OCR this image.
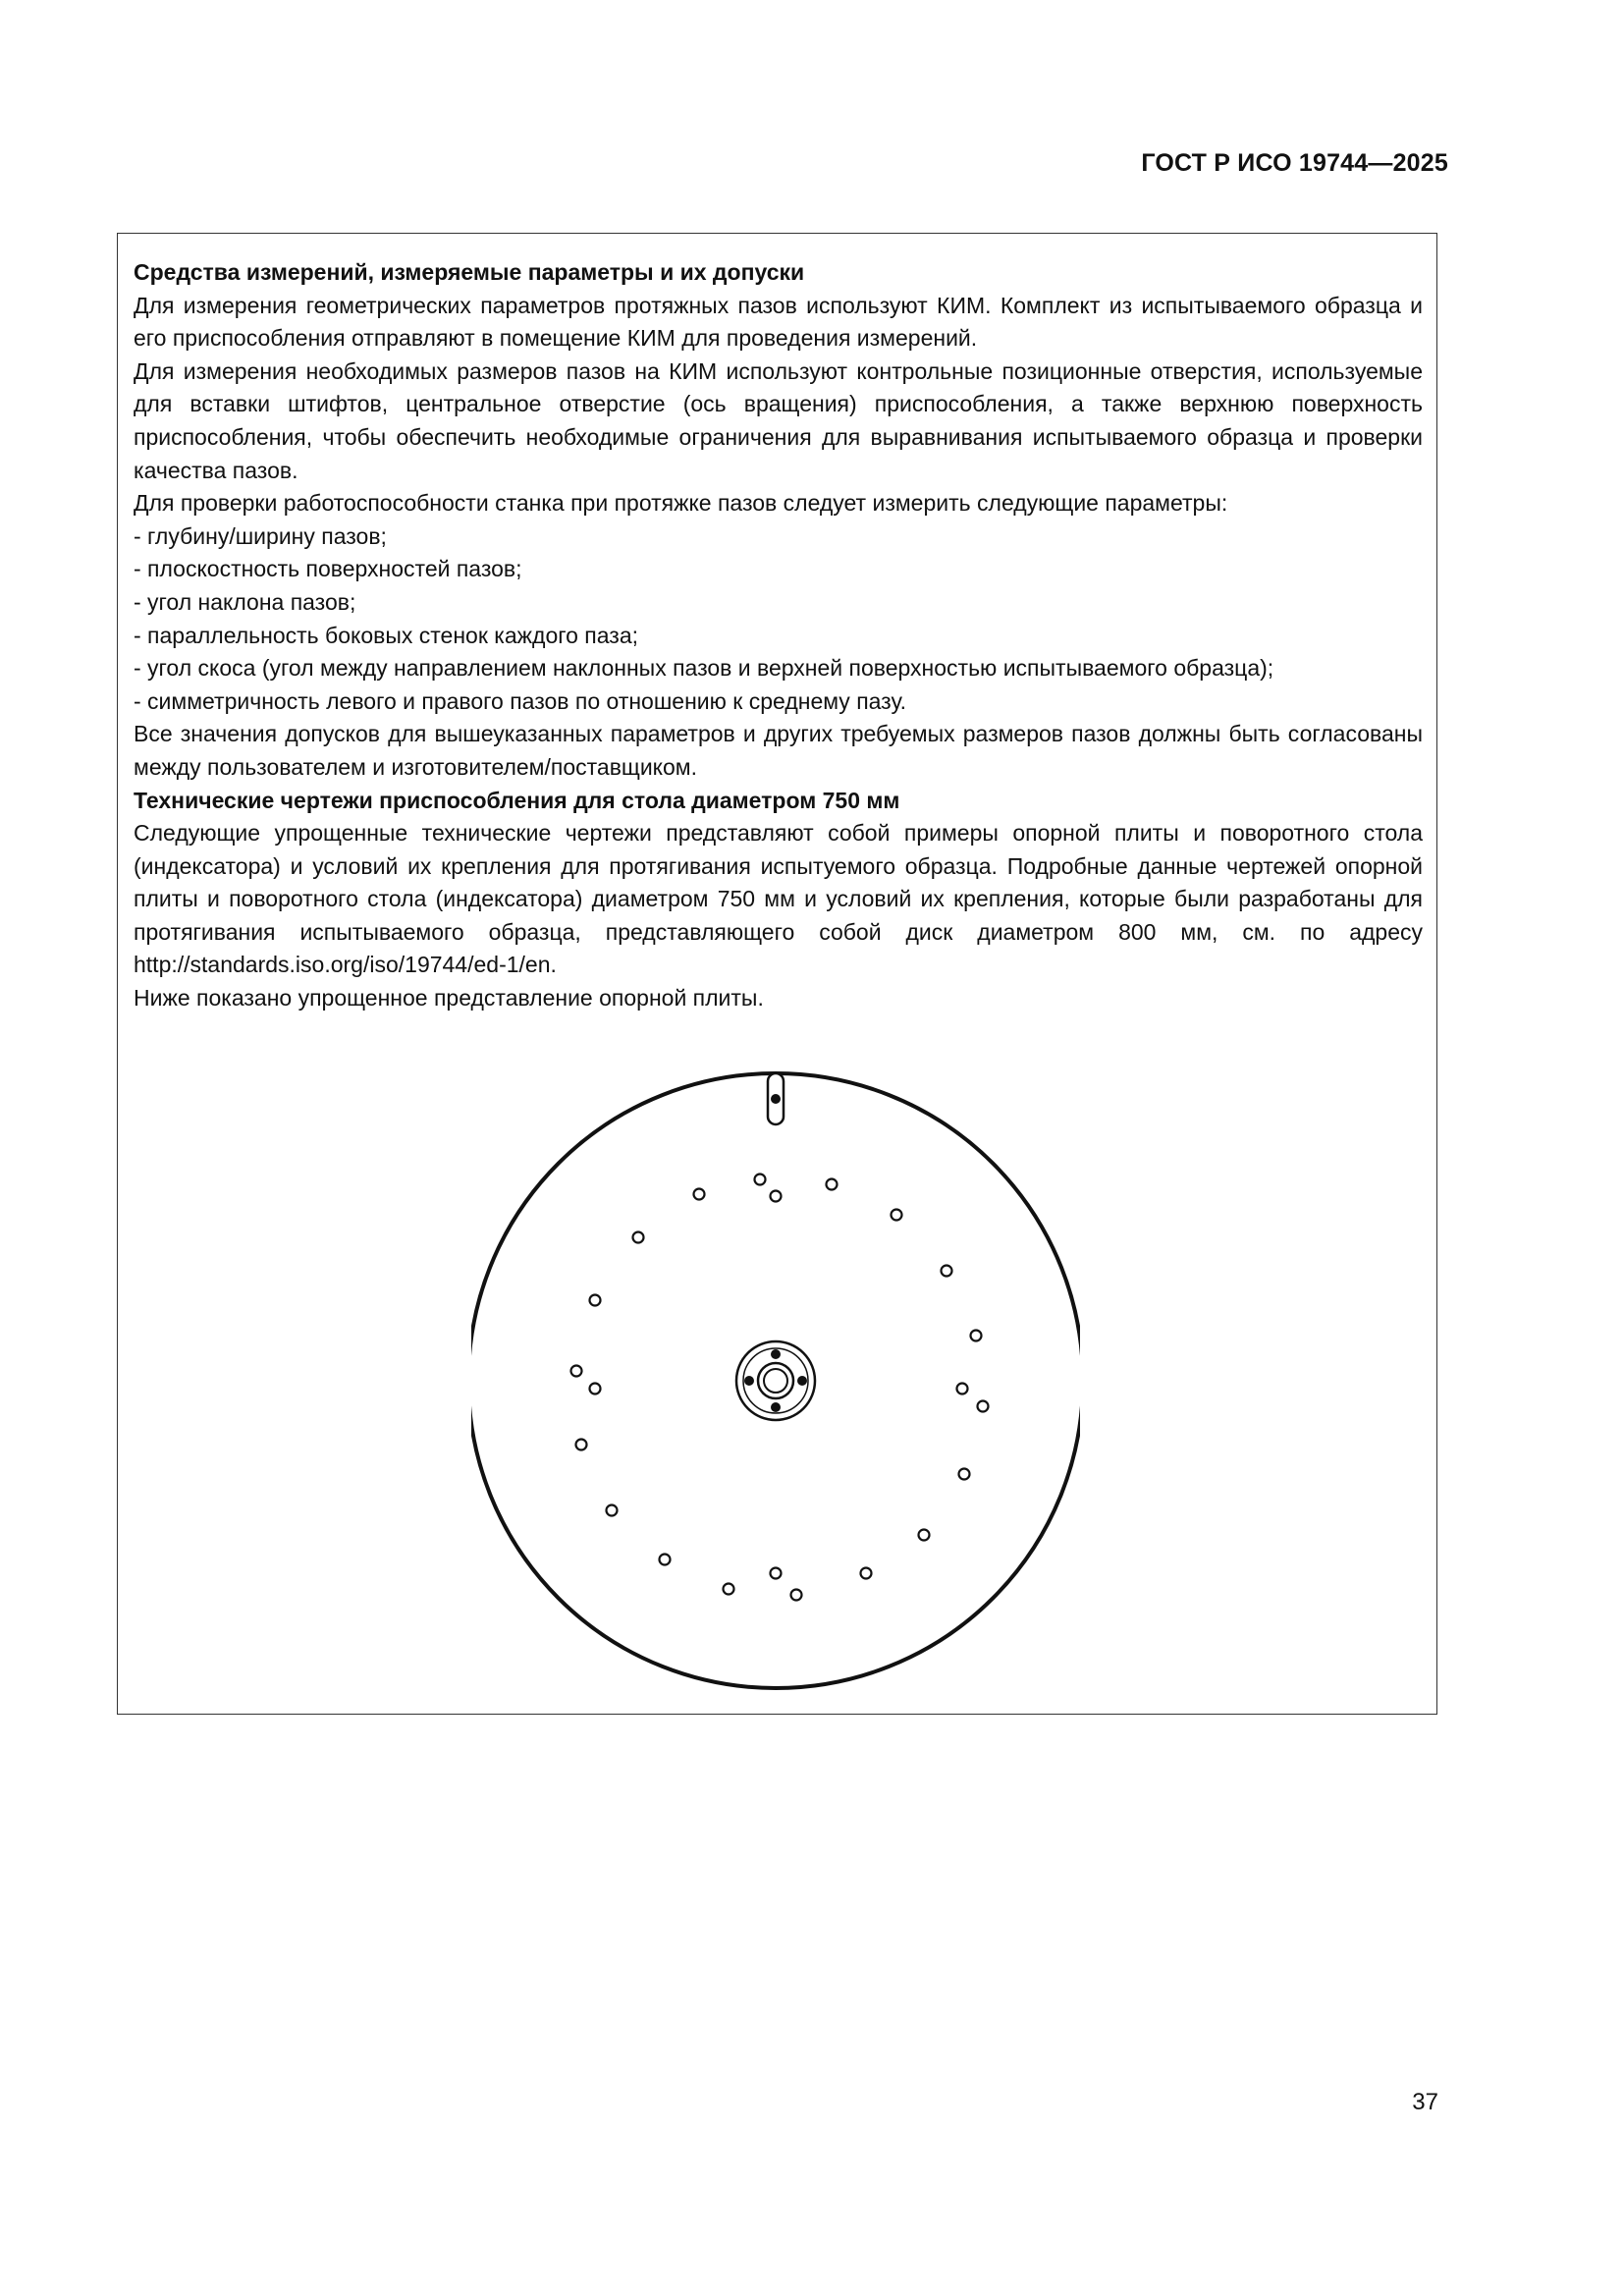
ГОСТ Р ИСО 19744—2025

Средства измерений, измеряемые параметры и их допуски

Для измерения геометрических параметров протяжных пазов используют КИМ. Комплект из испытываемого образца и его приспособления отправляют в помещение КИМ для проведения измерений.

Для измерения необходимых размеров пазов на КИМ используют контрольные позиционные отверстия, используемые для вставки штифтов, центральное отверстие (ось вращения) приспособления, а также верхнюю поверхность приспособления, чтобы обеспечить необходимые ограничения для выравнивания испытываемого образца и проверки качества пазов.

Для проверки работоспособности станка при протяжке пазов следует измерить следующие параметры:

- глубину/ширину пазов;
- плоскостность поверхностей пазов;
- угол наклона пазов;
- параллельность боковых стенок каждого паза;
- угол скоса (угол между направлением наклонных пазов и верхней поверхностью испытываемого образца);
- симметричность левого и правого пазов по отношению к среднему пазу.

Все значения допусков для вышеуказанных параметров и других требуемых размеров пазов должны быть согласованы между пользователем и изготовителем/поставщиком.

Технические чертежи приспособления для стола диаметром 750 мм

Следующие упрощенные технические чертежи представляют собой примеры опорной плиты и поворотного стола (индексатора) и условий их крепления для протягивания испытуемого образца. Подробные данные чертежей опорной плиты и поворотного стола (индексатора) диаметром 750 мм и условий их крепления, которые были разработаны для протягивания испытываемого образца, представляющего собой диск диаметром 800 мм, см. по адресу http://standards.iso.org/iso/19744/ed-1/en.

Ниже показано упрощенное представление опорной плиты.

37
